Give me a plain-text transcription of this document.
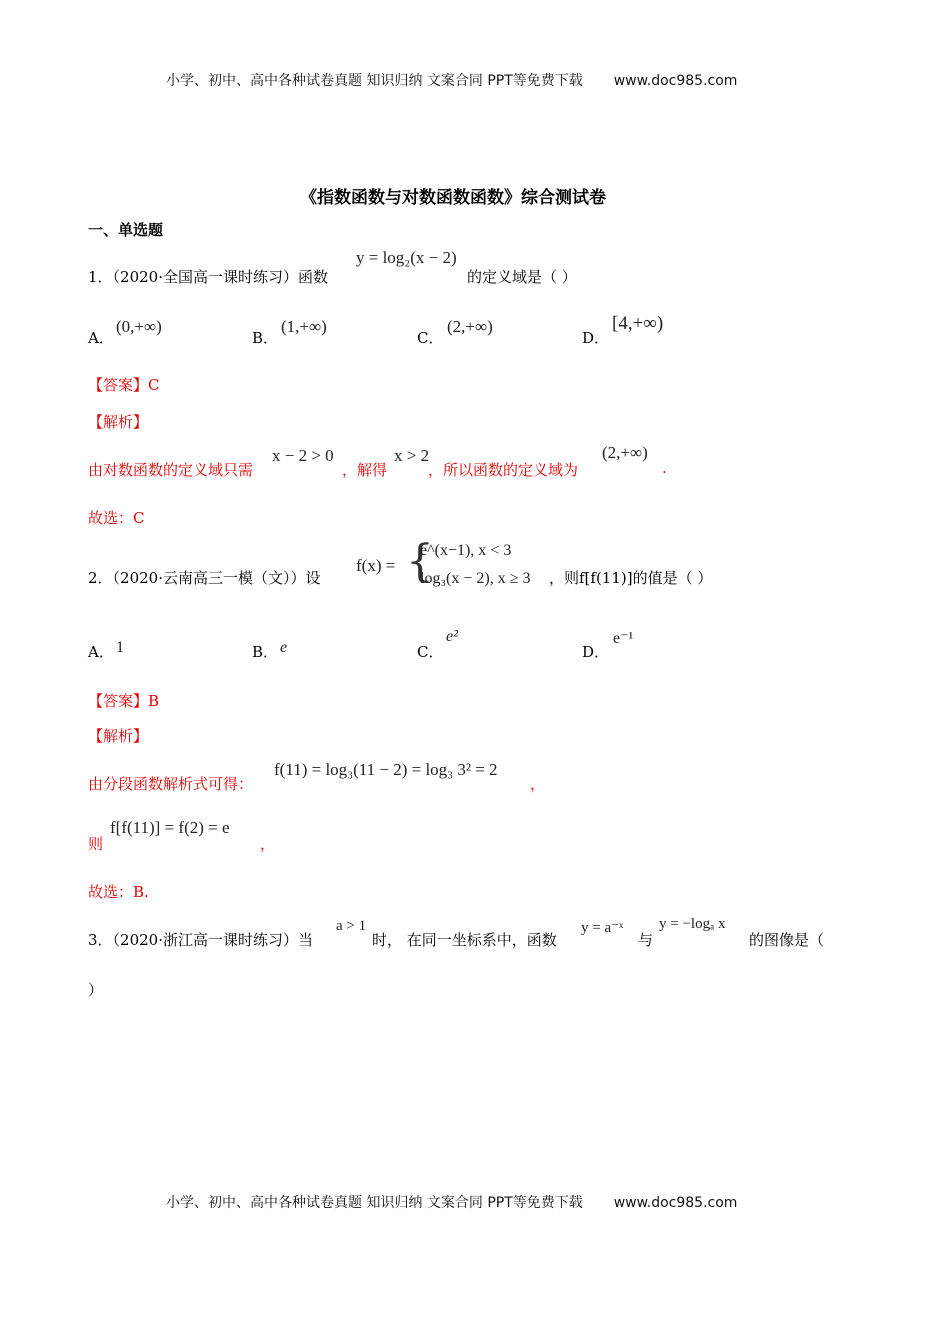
小学、初中、高中各种试卷真题 知识归纳 文案合同 PPT等免费下载 www.doc985.com
《指数函数与对数函数函数》综合测试卷
一、单选题
1．（2020·全国高一课时练习）函数
y = log₂(x − 2)
的定义域是（ ）
A．
(0,+∞)
B．
(1,+∞)
C．
(2,+∞)
D．
[4,+∞)
【答案】C
【解析】
由对数函数的定义域只需
x − 2 > 0
，解得
x > 2
，所以函数的定义域为
(2,+∞)
.
故选：C
2．（2020·云南高三一模（文））设
f(x) = {
e^(x−1), x < 3
log₃(x − 2), x ≥ 3 ，则f[f(11)]的值是（ ）
A． 1	B． e	C．
e²
D．
e⁻¹
【答案】B
【解析】
由分段函数解析式可得：
f(11) = log₃(11 − 2) = log₃ 3² = 2
，
则
f[f(11)] = f(2) = e
，
故选：B.
3．（2020·浙江高一课时练习）当
a > 1
时， 在同一坐标系中，函数
y = a⁻ˣ
与
y = −logₐ x
的图像是（
）
小学、初中、高中各种试卷真题 知识归纳 文案合同 PPT等免费下载 www.doc985.com
